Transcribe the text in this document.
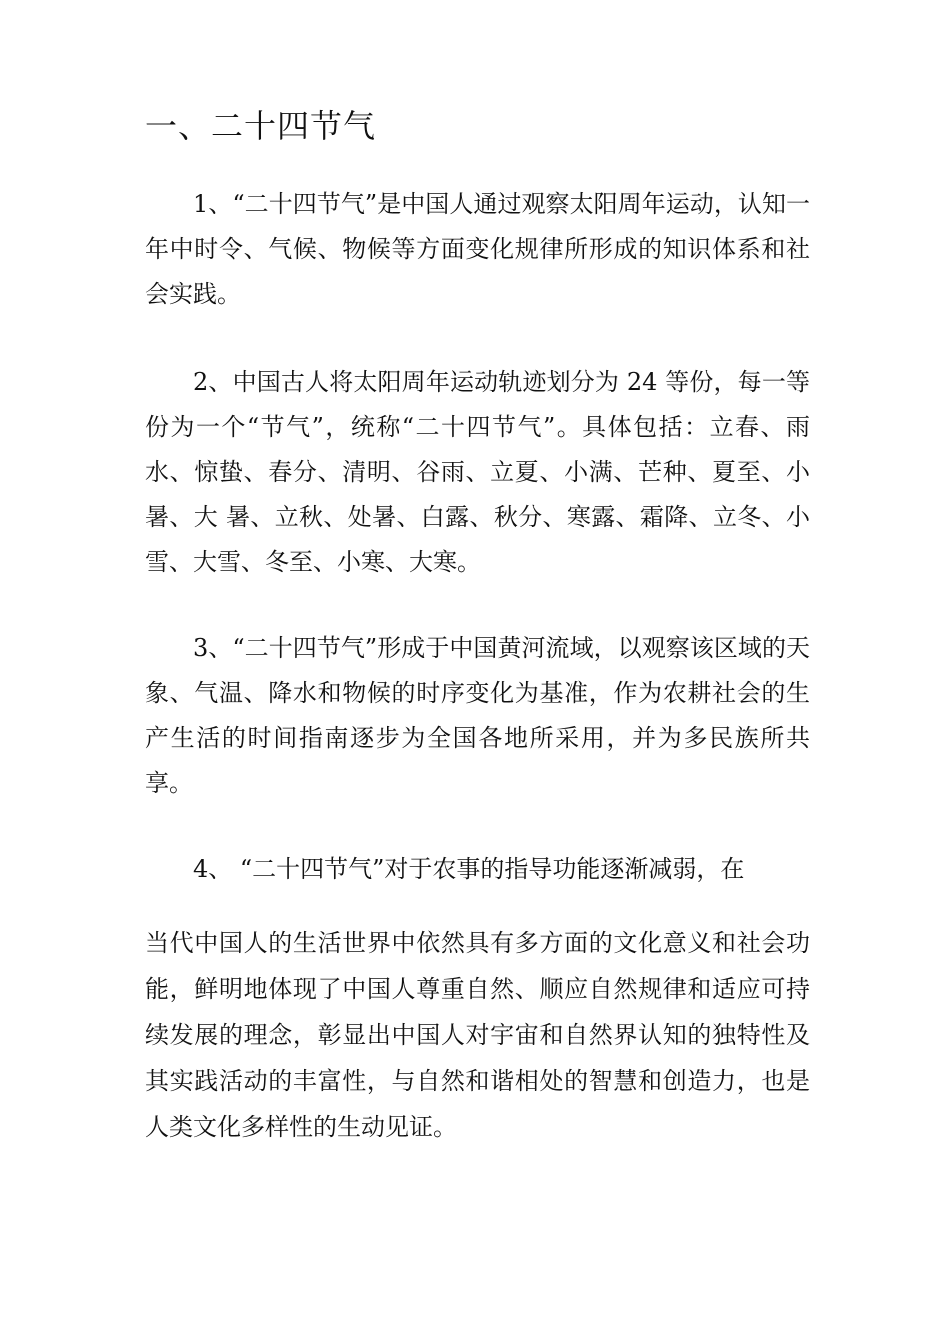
一、二十四节气

1、“二十四节气”是中国人通过观察太阳周年运动，认知一年中时令、气候、物候等方面变化规律所形成的知识体系和社会实践。

2、中国古人将太阳周年运动轨迹划分为 24 等份，每一等份为一个“节气”，统称“二十四节气”。具体包括：立春、雨水、惊蛰、春分、清明、谷雨、立夏、小满、芒种、夏至、小暑、大 暑、立秋、处暑、白露、秋分、寒露、霜降、立冬、小雪、大雪、冬至、小寒、大寒。

3、“二十四节气”形成于中国黄河流域，以观察该区域的天象、气温、降水和物候的时序变化为基准，作为农耕社会的生产生活的时间指南逐步为全国各地所采用，并为多民族所共享。

4、 “二十四节气”对于农事的指导功能逐渐减弱，在

当代中国人的生活世界中依然具有多方面的文化意义和社会功能，鲜明地体现了中国人尊重自然、顺应自然规律和适应可持续发展的理念，彰显出中国人对宇宙和自然界认知的独特性及其实践活动的丰富性，与自然和谐相处的智慧和创造力，也是人类文化多样性的生动见证。
